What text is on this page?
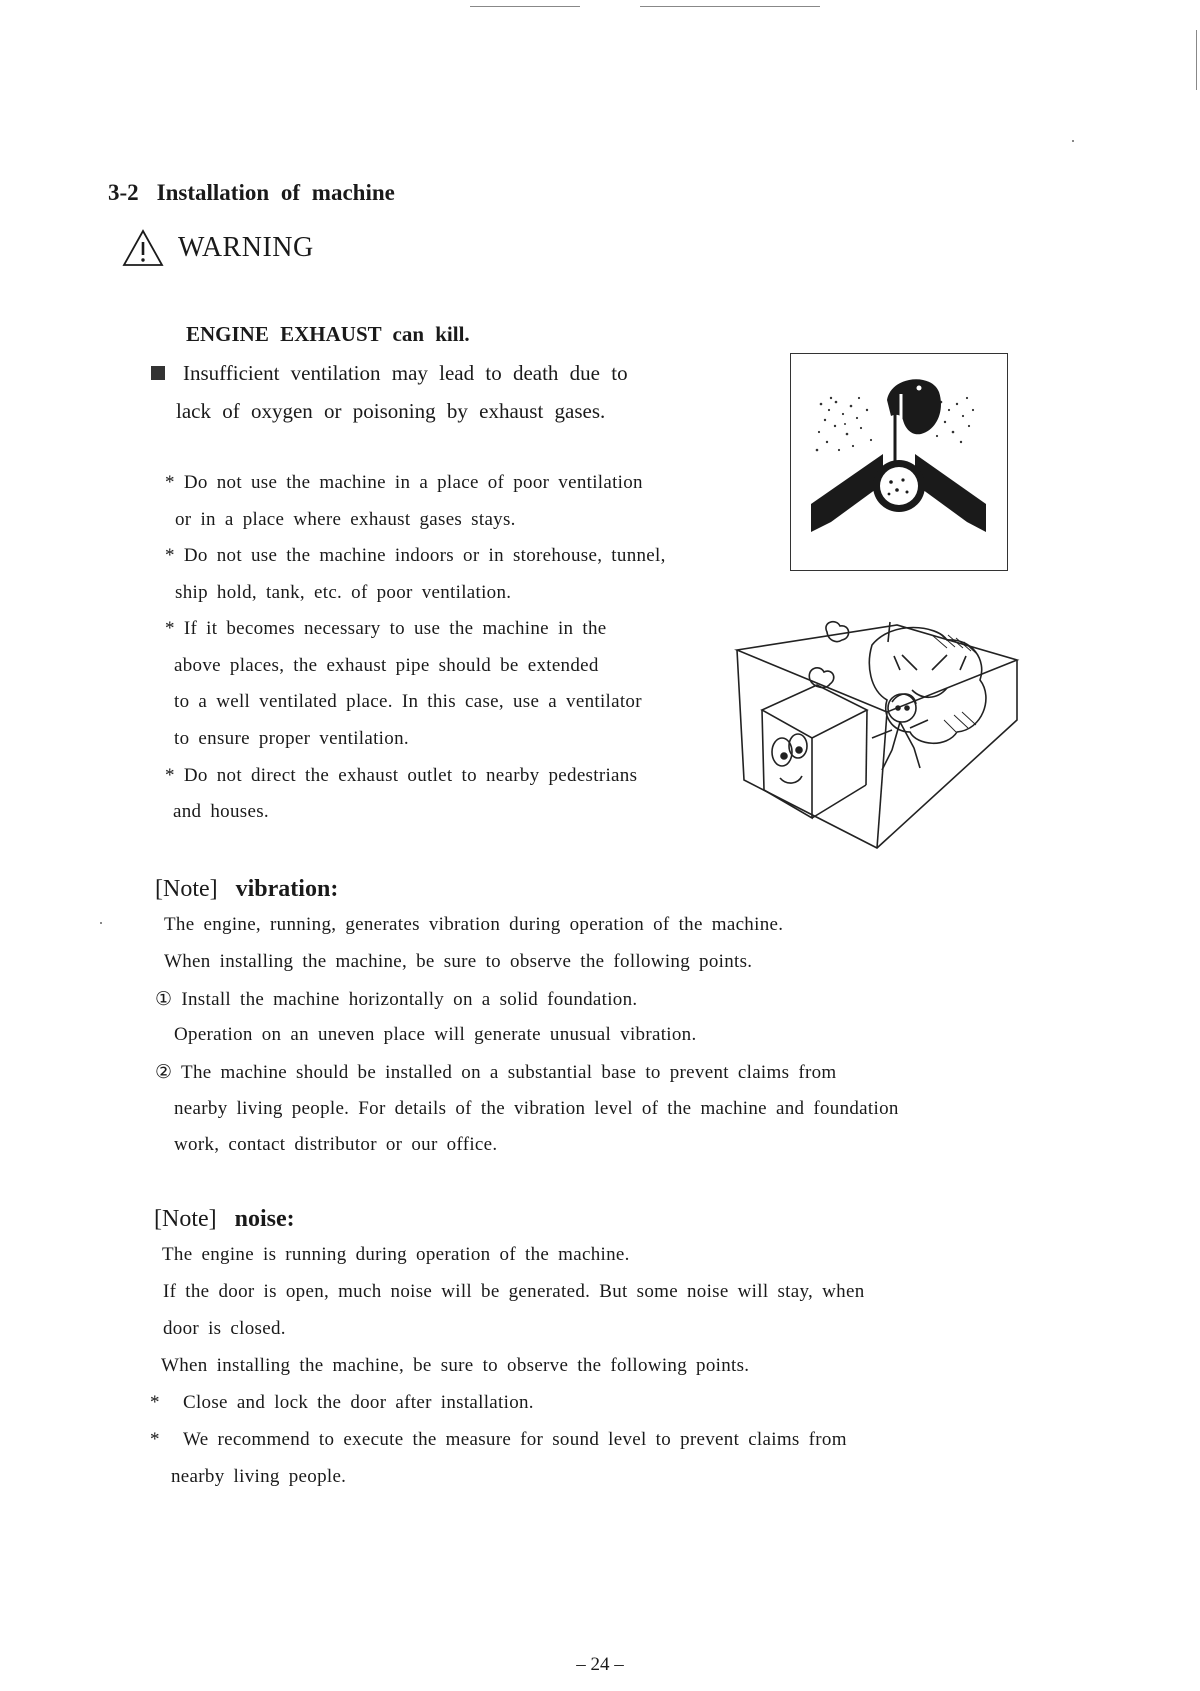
3-2 Installation of machine
WARNING
ENGINE EXHAUST can kill.
Insufficient ventilation may lead to death due to
lack of oxygen or poisoning by exhaust gases.
* Do not use the machine in a place of poor ventilation
or in a place where exhaust gases stays.
* Do not use the machine indoors or in storehouse, tunnel,
ship hold, tank, etc. of poor ventilation.
* If it becomes necessary to use the machine in the
above places, the exhaust pipe should be extended
to a well ventilated place. In this case, use a ventilator
to ensure proper ventilation.
* Do not direct the exhaust outlet to nearby pedestrians
and houses.
[Note] vibration:
The engine, running, generates vibration during operation of the machine.
When installing the machine, be sure to observe the following points.
① Install the machine horizontally on a solid foundation.
Operation on an uneven place will generate unusual vibration.
② The machine should be installed on a substantial base to prevent claims from
nearby living people. For details of the vibration level of the machine and foundation
work, contact distributor or our office.
[Note] noise:
The engine is running during operation of the machine.
If the door is open, much noise will be generated. But some noise will stay, when
door is closed.
When installing the machine, be sure to observe the following points.
* Close and lock the door after installation.
* We recommend to execute the measure for sound level to prevent claims from
nearby living people.
– 24 –
